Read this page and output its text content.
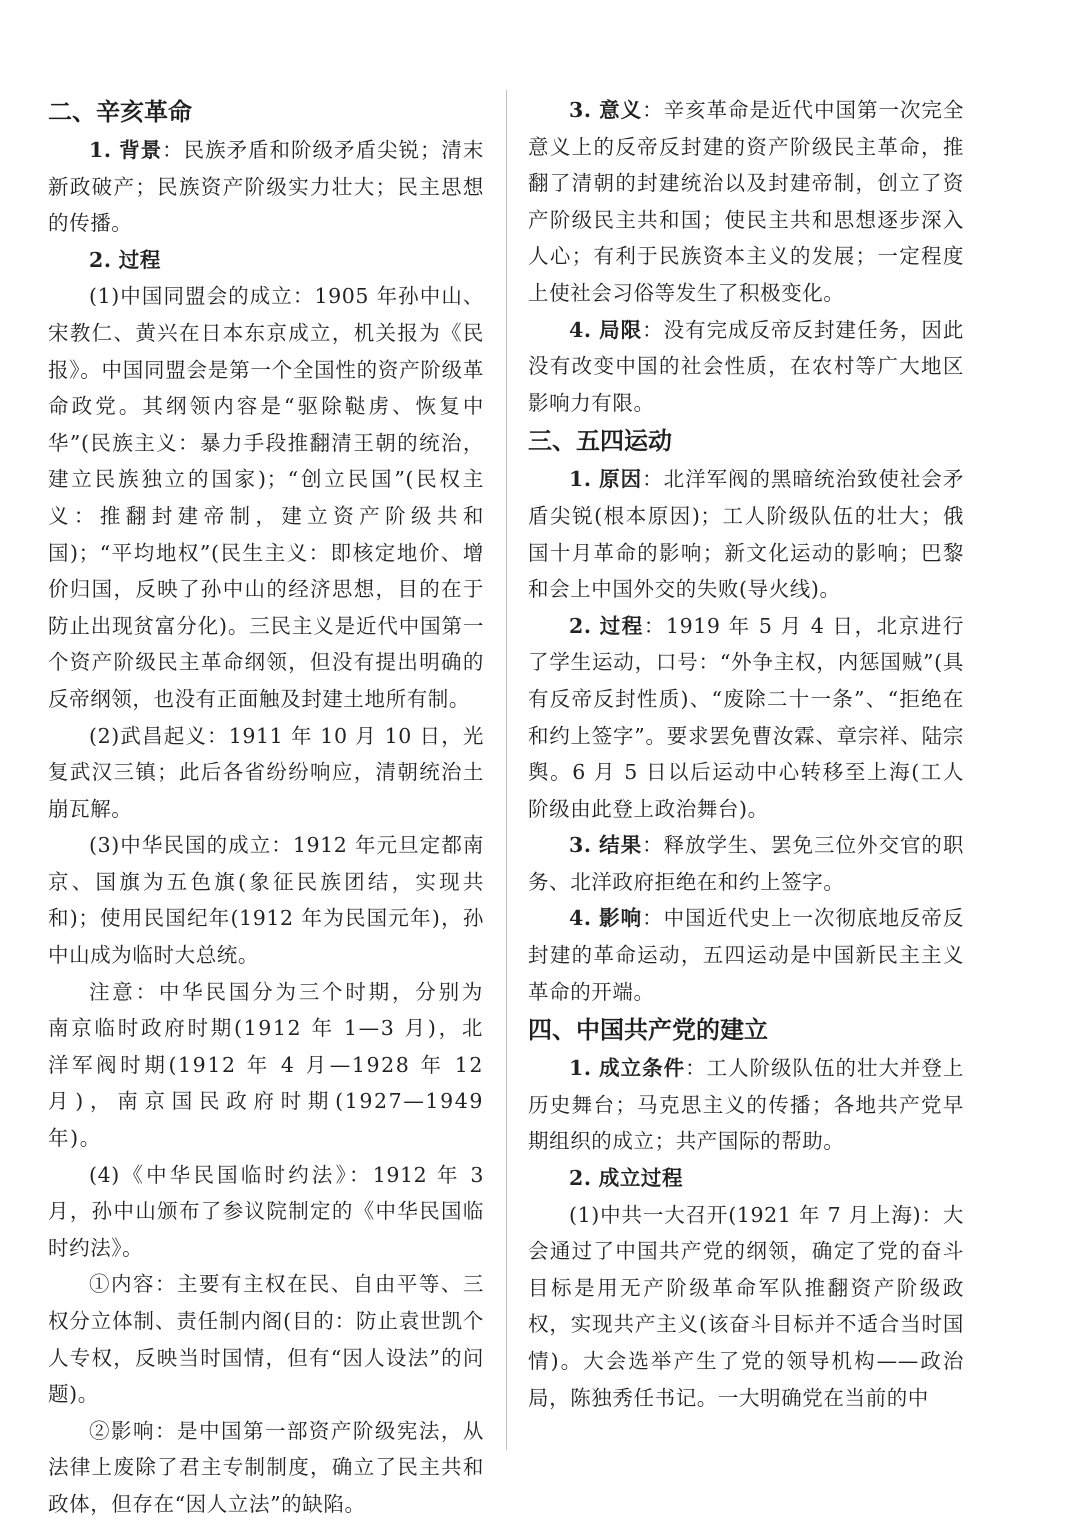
二、辛亥革命

1. 背景：民族矛盾和阶级矛盾尖锐；清末新政破产；民族资产阶级实力壮大；民主思想的传播。

2. 过程

(1)中国同盟会的成立：1905 年孙中山、宋教仁、黄兴在日本东京成立，机关报为《民报》。中国同盟会是第一个全国性的资产阶级革命政党。其纲领内容是“驱除鞑虏、恢复中华”(民族主义：暴力手段推翻清王朝的统治，建立民族独立的国家)；“创立民国”(民权主义：推翻封建帝制，建立资产阶级共和国)；“平均地权”(民生主义：即核定地价、增价归国，反映了孙中山的经济思想，目的在于防止出现贫富分化)。三民主义是近代中国第一个资产阶级民主革命纲领，但没有提出明确的反帝纲领，也没有正面触及封建土地所有制。

(2)武昌起义：1911 年 10 月 10 日，光复武汉三镇；此后各省纷纷响应，清朝统治土崩瓦解。

(3)中华民国的成立：1912 年元旦定都南京、国旗为五色旗(象征民族团结，实现共和)；使用民国纪年(1912 年为民国元年)，孙中山成为临时大总统。

注意：中华民国分为三个时期，分别为南京临时政府时期(1912 年 1—3 月)，北洋军阀时期(1912 年 4 月—1928 年 12 月)，南京国民政府时期(1927—1949 年)。

(4)《中华民国临时约法》：1912 年 3 月，孙中山颁布了参议院制定的《中华民国临时约法》。

①内容：主要有主权在民、自由平等、三权分立体制、责任制内阁(目的：防止袁世凯个人专权，反映当时国情，但有“因人设法”的问题)。

②影响：是中国第一部资产阶级宪法，从法律上废除了君主专制制度，确立了民主共和政体，但存在“因人立法”的缺陷。

3. 意义：辛亥革命是近代中国第一次完全意义上的反帝反封建的资产阶级民主革命，推翻了清朝的封建统治以及封建帝制，创立了资产阶级民主共和国；使民主共和思想逐步深入人心；有利于民族资本主义的发展；一定程度上使社会习俗等发生了积极变化。

4. 局限：没有完成反帝反封建任务，因此没有改变中国的社会性质，在农村等广大地区影响力有限。

三、五四运动

1. 原因：北洋军阀的黑暗统治致使社会矛盾尖锐(根本原因)；工人阶级队伍的壮大；俄国十月革命的影响；新文化运动的影响；巴黎和会上中国外交的失败(导火线)。

2. 过程：1919 年 5 月 4 日，北京进行了学生运动，口号：“外争主权，内惩国贼”(具有反帝反封性质)、“废除二十一条”、“拒绝在和约上签字”。要求罢免曹汝霖、章宗祥、陆宗舆。6 月 5 日以后运动中心转移至上海(工人阶级由此登上政治舞台)。

3. 结果：释放学生、罢免三位外交官的职务、北洋政府拒绝在和约上签字。

4. 影响：中国近代史上一次彻底地反帝反封建的革命运动，五四运动是中国新民主主义革命的开端。

四、中国共产党的建立

1. 成立条件：工人阶级队伍的壮大并登上历史舞台；马克思主义的传播；各地共产党早期组织的成立；共产国际的帮助。

2. 成立过程

(1)中共一大召开(1921 年 7 月上海)：大会通过了中国共产党的纲领，确定了党的奋斗目标是用无产阶级革命军队推翻资产阶级政权，实现共产主义(该奋斗目标并不适合当时国情)。大会选举产生了党的领导机构——政治局，陈独秀任书记。一大明确党在当前的中
